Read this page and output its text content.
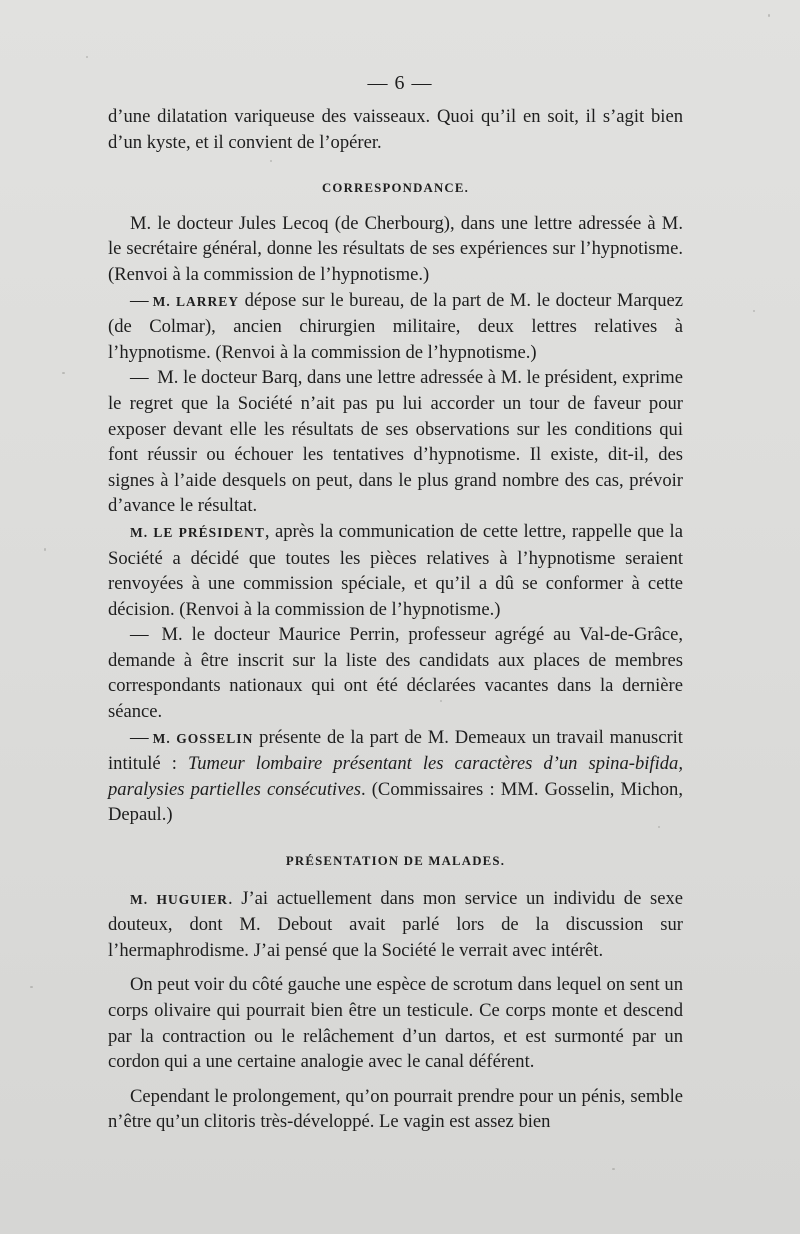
— 6 —

d’une dilatation variqueuse des vaisseaux. Quoi qu’il en soit, il s’agit bien d’un kyste, et il convient de l’opérer.

CORRESPONDANCE.

M. le docteur Jules Lecoq (de Cherbourg), dans une lettre adressée à M. le secrétaire général, donne les résultats de ses expériences sur l’hypnotisme. (Renvoi à la commission de l’hypnotisme.)

— M. LARREY dépose sur le bureau, de la part de M. le docteur Marquez (de Colmar), ancien chirurgien militaire, deux lettres relatives à l’hypnotisme. (Renvoi à la commission de l’hypnotisme.)

— M. le docteur Barq, dans une lettre adressée à M. le président, exprime le regret que la Société n’ait pas pu lui accorder un tour de faveur pour exposer devant elle les résultats de ses observations sur les conditions qui font réussir ou échouer les tentatives d’hypnotisme. Il existe, dit-il, des signes à l’aide desquels on peut, dans le plus grand nombre des cas, prévoir d’avance le résultat.

M. LE PRÉSIDENT, après la communication de cette lettre, rappelle que la Société a décidé que toutes les pièces relatives à l’hypnotisme seraient renvoyées à une commission spéciale, et qu’il a dû se conformer à cette décision. (Renvoi à la commission de l’hypnotisme.)

— M. le docteur Maurice Perrin, professeur agrégé au Val-de-Grâce, demande à être inscrit sur la liste des candidats aux places de membres correspondants nationaux qui ont été déclarées vacantes dans la dernière séance.

— M. GOSSELIN présente de la part de M. Demeaux un travail manuscrit intitulé : Tumeur lombaire présentant les caractères d’un spina-bifida, paralysies partielles consécutives. (Commissaires : MM. Gosselin, Michon, Depaul.)

PRÉSENTATION DE MALADES.

M. HUGUIER. J’ai actuellement dans mon service un individu de sexe douteux, dont M. Debout avait parlé lors de la discussion sur l’hermaphrodisme. J’ai pensé que la Société le verrait avec intérêt.

On peut voir du côté gauche une espèce de scrotum dans lequel on sent un corps olivaire qui pourrait bien être un testicule. Ce corps monte et descend par la contraction ou le relâchement d’un dartos, et est surmonté par un cordon qui a une certaine analogie avec le canal déférent.

Cependant le prolongement, qu’on pourrait prendre pour un pénis, semble n’être qu’un clitoris très-développé. Le vagin est assez bien
